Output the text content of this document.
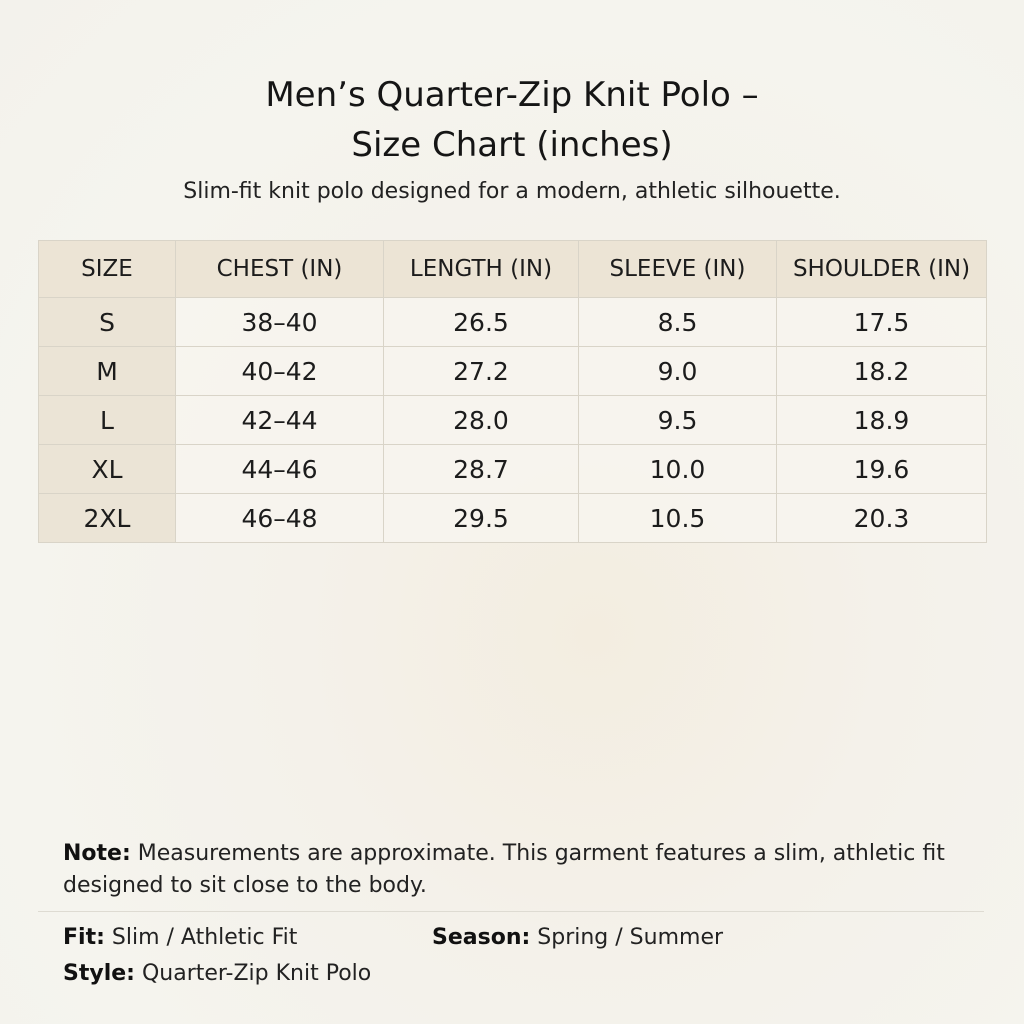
Men’s Quarter-Zip Knit Polo –
Size Chart (inches)

Slim-fit knit polo designed for a modern, athletic silhouette.

SIZE	CHEST (IN)	LENGTH (IN)	SLEEVE (IN)	SHOULDER (IN)
S	38–40	26.5	8.5	17.5
M	40–42	27.2	9.0	18.2
L	42–44	28.0	9.5	18.9
XL	44–46	28.7	10.0	19.6
2XL	46–48	29.5	10.5	20.3

Note: Measurements are approximate. This garment features a slim, athletic fit designed to sit close to the body.

Fit: Slim / Athletic Fit	Season: Spring / Summer

Style: Quarter-Zip Knit Polo
